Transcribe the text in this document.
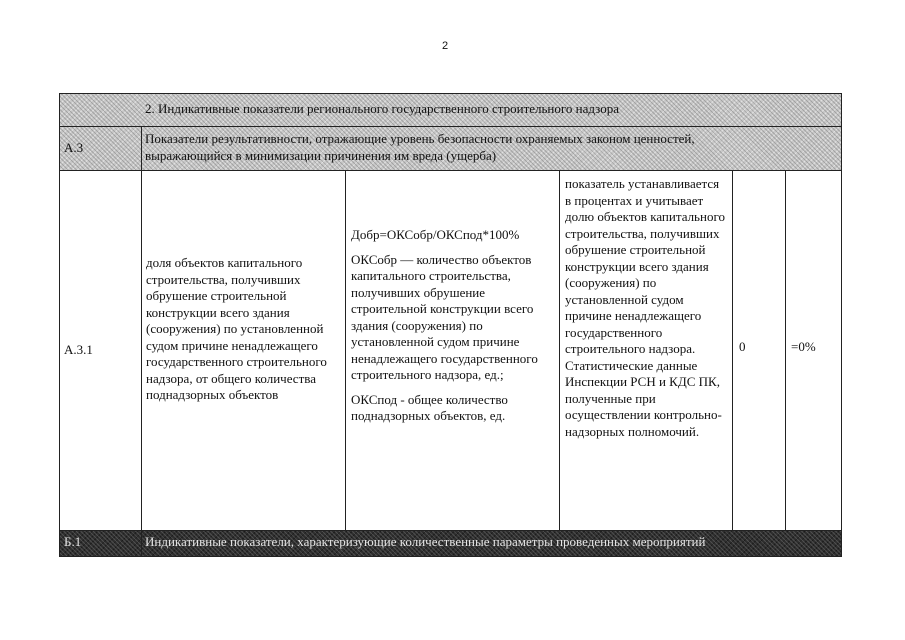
2
2. Индикативные показатели регионального государственного строительного надзора
А.3
Показатели результативности, отражающие уровень безопасности охраняемых законом ценностей, выражающийся в минимизации причинения им вреда (ущерба)
А.3.1
доля объектов капитального строительства, получивших обрушение строительной конструкции всего здания (сооружения) по установленной судом причине ненадлежащего государственного строительного надзора, от общего количества поднадзорных объектов

Добр=ОКСобр/ОКСпод*100%

ОКСобр — количество объектов капитального строительства, получивших обрушение строительной конструкции всего здания (сооружения) по установленной судом причине ненадлежащего государственного строительного надзора, ед.;

ОКСпод - общее количество поднадзорных объектов, ед.

показатель устанавливается в процентах и учитывает долю объектов капитального строительства, получивших обрушение строительной конструкции всего здания (сооружения) по установленной судом причине ненадлежащего государственного строительного надзора. Статистические данные Инспекции РСН и КДС ПК, полученные при осуществлении контрольно-надзорных полномочий.
0	=0%
Б.1	Индикативные показатели, характеризующие количественные параметры проведенных мероприятий
